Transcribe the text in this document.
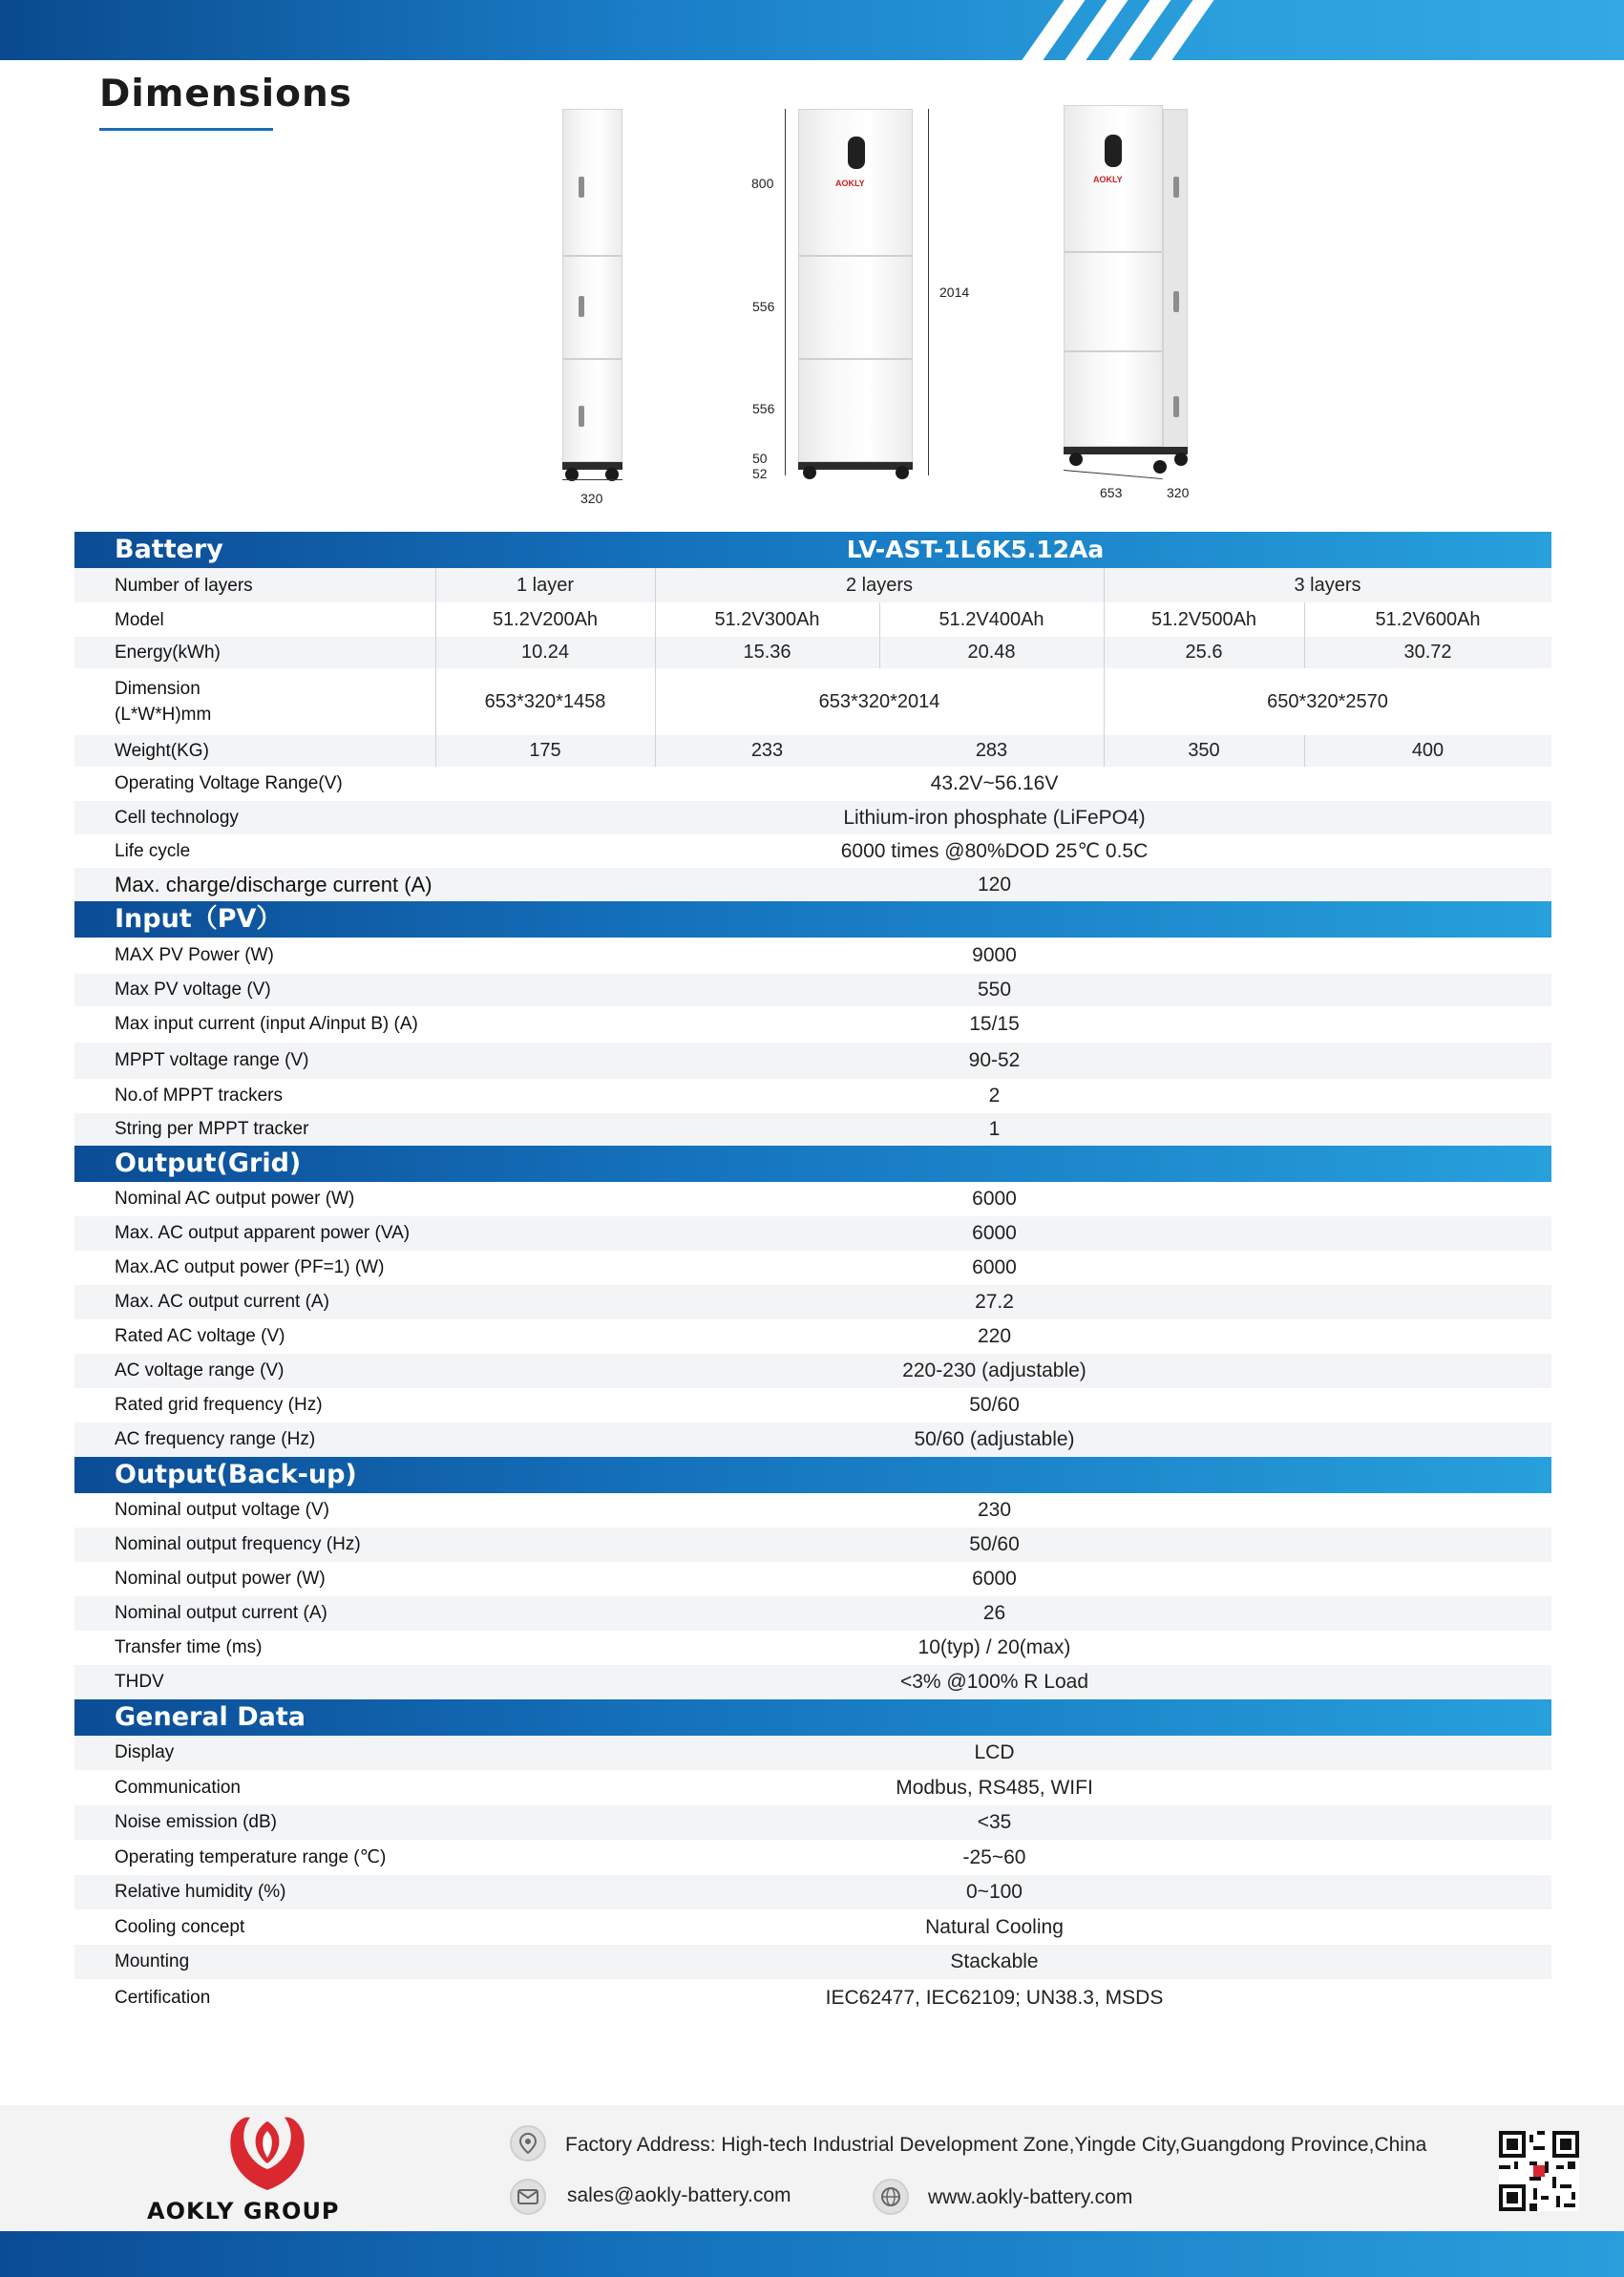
Dimensions
320
AOKLY
800
556
556
50
52
2014
AOKLY
653	320
Battery	LV-AST-1L6K5.12Aa
Number of layers	1 layer	2 layers	3 layers
Model	51.2V200Ah	51.2V300Ah	51.2V400Ah	51.2V500Ah	51.2V600Ah
Energy(kWh)	10.24	15.36	20.48	25.6	30.72
Dimension
(L*W*H)mm
653*320*1458	653*320*2014	650*320*2570
Weight(KG)	175	233	283	350	400
Operating Voltage Range(V)	43.2V~56.16V
Cell technology	Lithium-iron phosphate (LiFePO4)
Life cycle	6000 times @80%DOD 25℃ 0.5C
Max. charge/discharge current (A)	120
Input（PV）
MAX PV Power (W)	9000
Max PV voltage (V)	550
Max input current (input A/input B) (A)	15/15
MPPT voltage range (V)	90-52
No.of MPPT trackers	2
String per MPPT tracker	1
Output(Grid)
Nominal AC output power (W)	6000
Max. AC output apparent power (VA)	6000
Max.AC output power (PF=1) (W)	6000
Max. AC output current (A)	27.2
Rated AC voltage (V)	220
AC voltage range (V)	220-230 (adjustable)
Rated grid frequency (Hz)	50/60
AC frequency range (Hz)	50/60 (adjustable)
Output(Back-up)
Nominal output voltage (V)	230
Nominal output frequency (Hz)	50/60
Nominal output power (W)	6000
Nominal output current (A)	26
Transfer time (ms)	10(typ) / 20(max)
THDV	<3% @100% R Load
General Data
Display	LCD
Communication	Modbus, RS485, WIFI
Noise emission (dB)	<35
Operating temperature range (℃)	-25~60
Relative humidity (%)	0~100
Cooling concept	Natural Cooling
Mounting	Stackable
Certification	IEC62477, IEC62109; UN38.3, MSDS
AOKLY GROUP
Factory Address: High-tech Industrial Development Zone,Yingde City,Guangdong Province,China
sales@aokly-battery.com	www.aokly-battery.com
